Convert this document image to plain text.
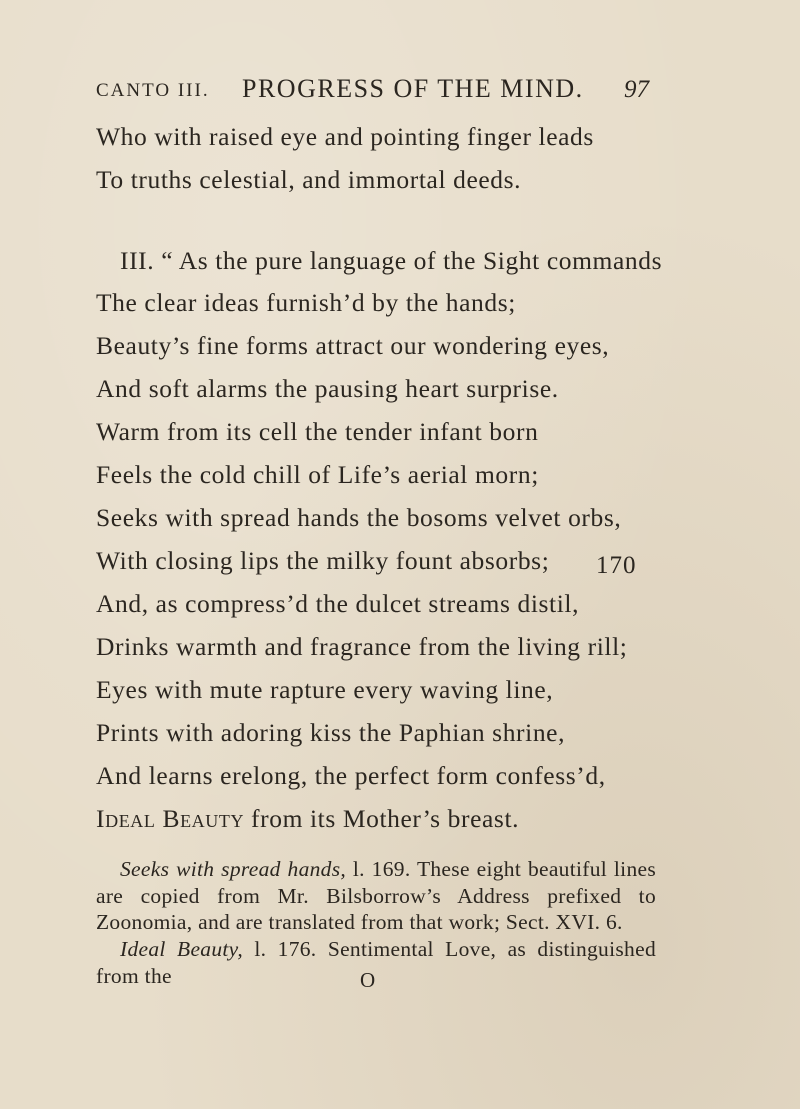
CANTO III. PROGRESS OF THE MIND. 97
Who with raised eye and pointing finger leads
To truths celestial, and immortal deeds.
III. “ As the pure language of the Sight commands
The clear ideas furnish’d by the hands;
Beauty’s fine forms attract our wondering eyes,
And soft alarms the pausing heart surprise.
Warm from its cell the tender infant born
Feels the cold chill of Life’s aerial morn;
Seeks with spread hands the bosoms velvet orbs,
With closing lips the milky fount absorbs; 170
And, as compress’d the dulcet streams distil,
Drinks warmth and fragrance from the living rill;
Eyes with mute rapture every waving line,
Prints with adoring kiss the Paphian shrine,
And learns erelong, the perfect form confess’d,
Ideal Beauty from its Mother’s breast.
Seeks with spread hands, l. 169. These eight beautiful lines are copied from Mr. Bilsborrow’s Address prefixed to Zoonomia, and are translated from that work; Sect. XVI. 6.
Ideal Beauty, l. 176. Sentimental Love, as distinguished from the	O
